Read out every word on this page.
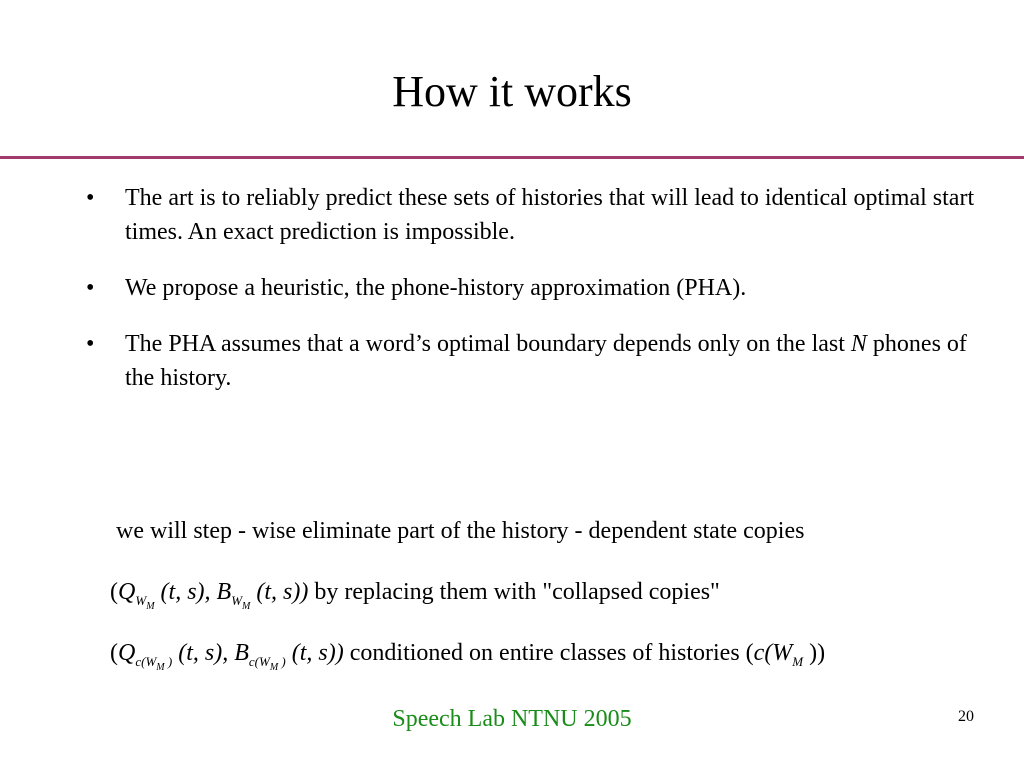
How it works
• The art is to reliably predict these sets of histories that will lead to identical optimal start times. An exact prediction is impossible.
• We propose a heuristic, the phone-history approximation (PHA).
• The PHA assumes that a word’s optimal boundary depends only on the last N phones of the history.
we will step - wise eliminate part of the history - dependent state copies
($Q_{W_M}$ (t, s), $B_{W_M}$ (t, s)) by replacing them with "collapsed copies"
($Q_{c(W_M )}$ (t, s), $B_{c(W_M )}$ (t, s)) conditioned on entire classes of histories ($c(W_M$ ))
Speech Lab NTNU 2005	20
